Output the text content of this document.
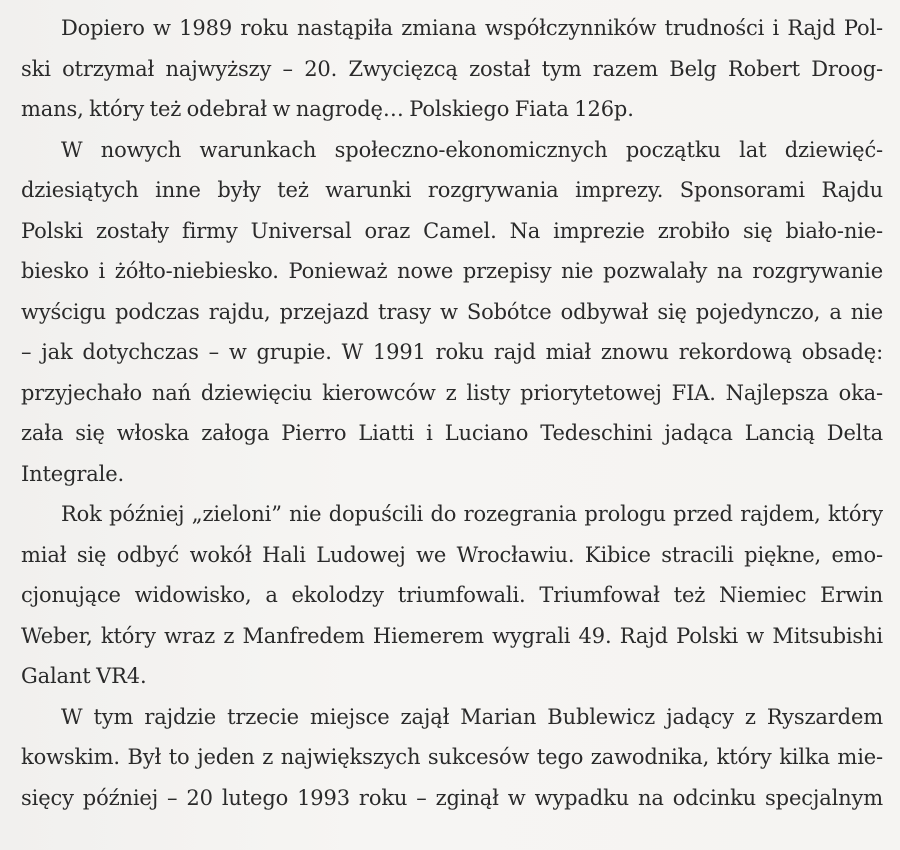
Dopiero w 1989 roku nastąpiła zmiana współczynników trudności i Rajd Pol-
ski otrzymał najwyższy – 20. Zwycięzcą został tym razem Belg Robert Droog-
mans, który też odebrał w nagrodę… Polskiego Fiata 126p.
W nowych warunkach społeczno-ekonomicznych początku lat dziewięć-
dziesiątych inne były też warunki rozgrywania imprezy. Sponsorami Rajdu
Polski zostały firmy Universal oraz Camel. Na imprezie zrobiło się biało-nie-
biesko i żółto-niebiesko. Ponieważ nowe przepisy nie pozwalały na rozgrywanie
wyścigu podczas rajdu, przejazd trasy w Sobótce odbywał się pojedynczo, a nie
– jak dotychczas – w grupie. W 1991 roku rajd miał znowu rekordową obsadę:
przyjechało nań dziewięciu kierowców z listy priorytetowej FIA. Najlepsza oka-
zała się włoska załoga Pierro Liatti i Luciano Tedeschini jadąca Lancią Delta
Integrale.
Rok później „zieloni” nie dopuścili do rozegrania prologu przed rajdem, który
miał się odbyć wokół Hali Ludowej we Wrocławiu. Kibice stracili piękne, emo-
cjonujące widowisko, a ekolodzy triumfowali. Triumfował też Niemiec Erwin
Weber, który wraz z Manfredem Hiemerem wygrali 49. Rajd Polski w Mitsubishi
Galant VR4.
W tym rajdzie trzecie miejsce zajął Marian Bublewicz jadący z Ryszardem
kowskim. Był to jeden z największych sukcesów tego zawodnika, który kilka mie-
sięcy później – 20 lutego 1993 roku – zginął w wypadku na odcinku specjalnym
